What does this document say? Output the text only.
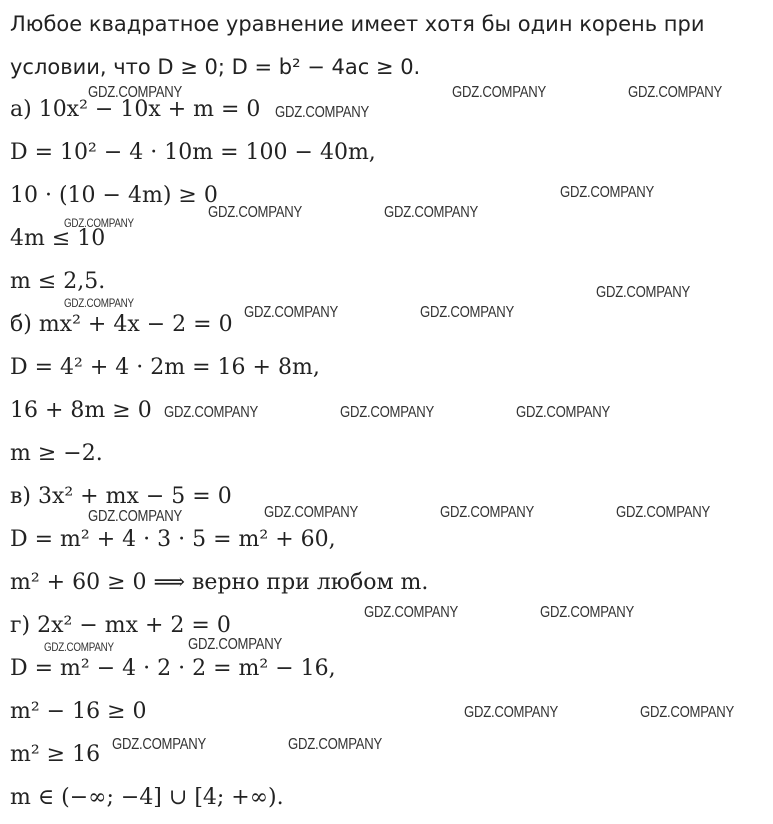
Любое квадратное уравнение имеет хотя бы один корень при
условии, что D ≥ 0; D = b² − 4ac ≥ 0.
а) 10x² − 10x + m = 0
D = 10² − 4 · 10m = 100 − 40m,
10 · (10 − 4m) ≥ 0
4m ≤ 10
m ≤ 2,5.
б) mx² + 4x − 2 = 0
D = 4² + 4 · 2m = 16 + 8m,
16 + 8m ≥ 0
m ≥ −2.
в) 3x² + mx − 5 = 0
D = m² + 4 · 3 · 5 = m² + 60,
m² + 60 ≥ 0 ⟹ верно при любом m.
г) 2x² − mx + 2 = 0
D = m² − 4 · 2 · 2 = m² − 16,
m² − 16 ≥ 0
m² ≥ 16
m ∈ (−∞; −4] ∪ [4; +∞).
GDZ.COMPANY	GDZ.COMPANY	GDZ.COMPANY
GDZ.COMPANY
GDZ.COMPANY
GDZ.COMPANY	GDZ.COMPANY
GDZ.COMPANY
GDZ.COMPANY
GDZ.COMPANY
GDZ.COMPANY	GDZ.COMPANY
GDZ.COMPANY	GDZ.COMPANY	GDZ.COMPANY
GDZ.COMPANY	GDZ.COMPANY	GDZ.COMPANY	GDZ.COMPANY
GDZ.COMPANY	GDZ.COMPANY
GDZ.COMPANY	GDZ.COMPANY
GDZ.COMPANY	GDZ.COMPANY
GDZ.COMPANY	GDZ.COMPANY
